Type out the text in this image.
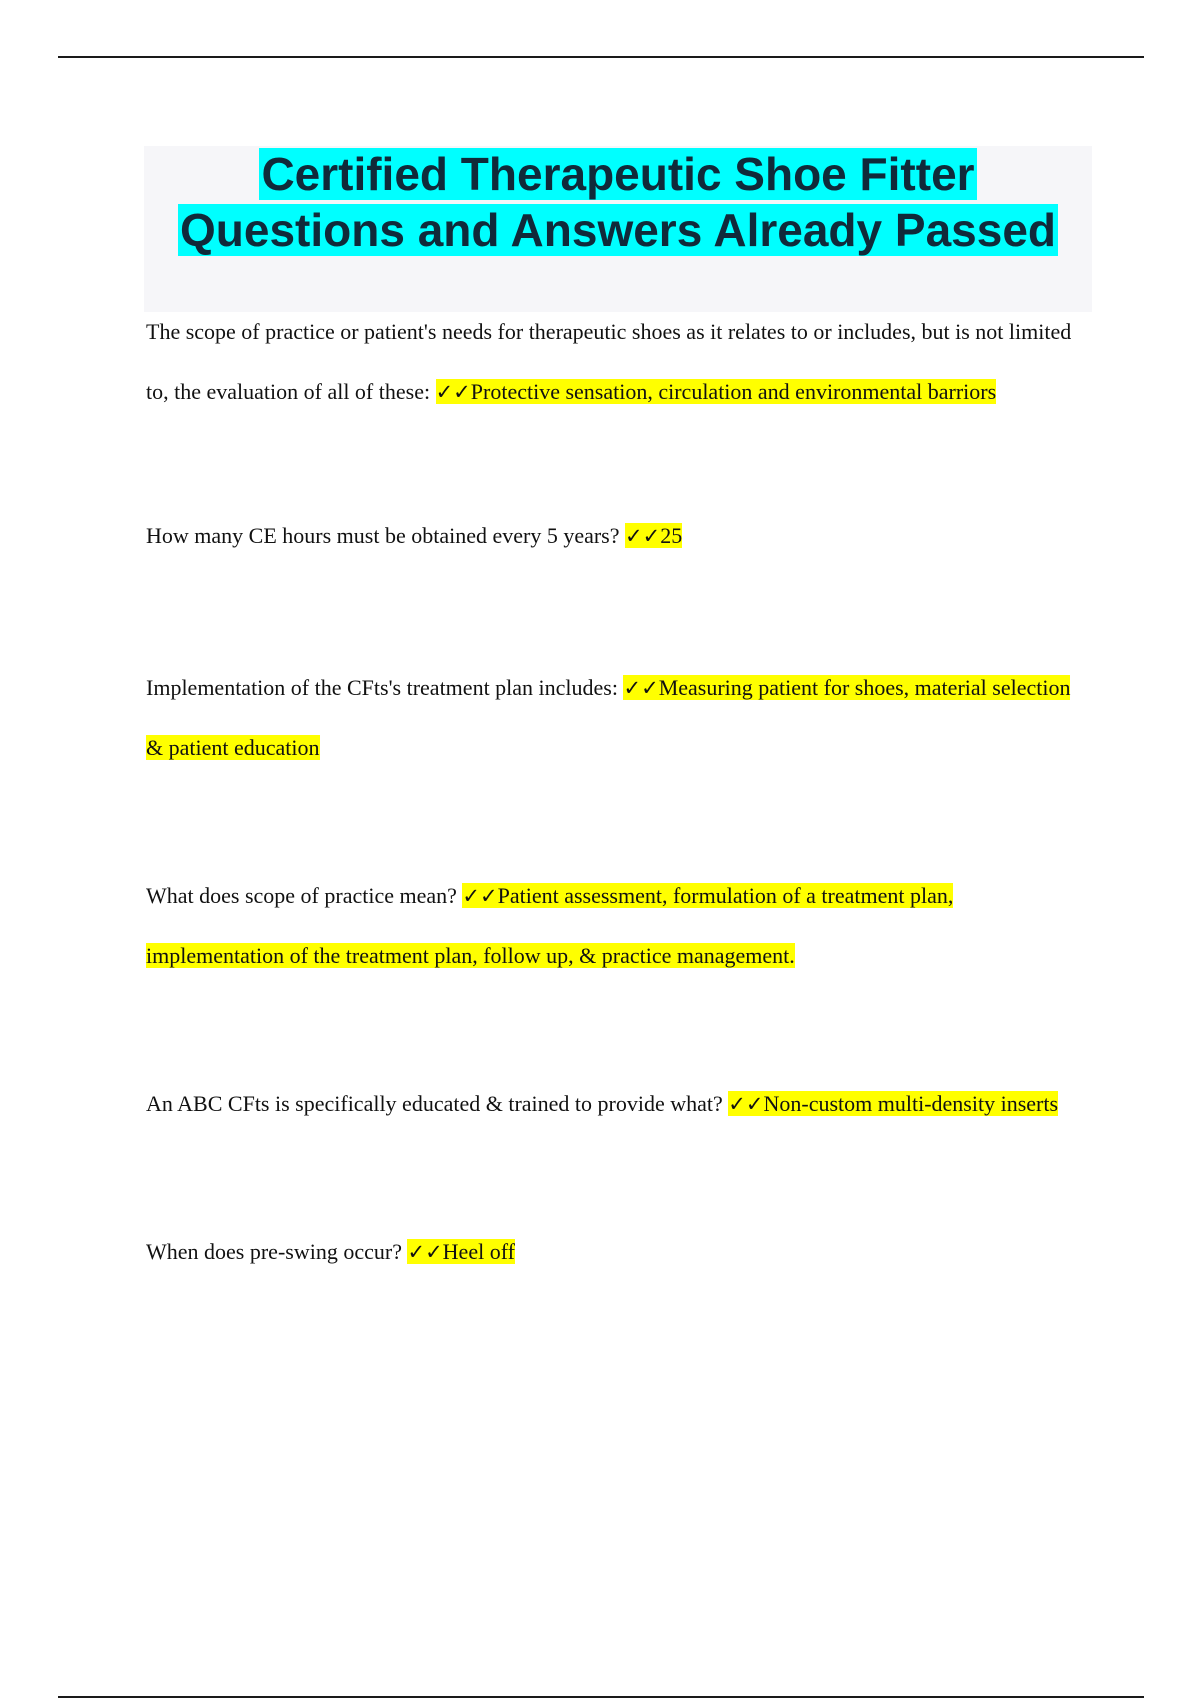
Certified Therapeutic Shoe Fitter
Questions and Answers Already Passed

The scope of practice or patient's needs for therapeutic shoes as it relates to or includes, but is not limited to, the evaluation of all of these: ✓✓Protective sensation, circulation and environmental barriors

How many CE hours must be obtained every 5 years? ✓✓25

Implementation of the CFts's treatment plan includes: ✓✓Measuring patient for shoes, material selection & patient education

What does scope of practice mean? ✓✓Patient assessment, formulation of a treatment plan, implementation of the treatment plan, follow up, & practice management.

An ABC CFts is specifically educated & trained to provide what? ✓✓Non-custom multi-density inserts

When does pre-swing occur? ✓✓Heel off
